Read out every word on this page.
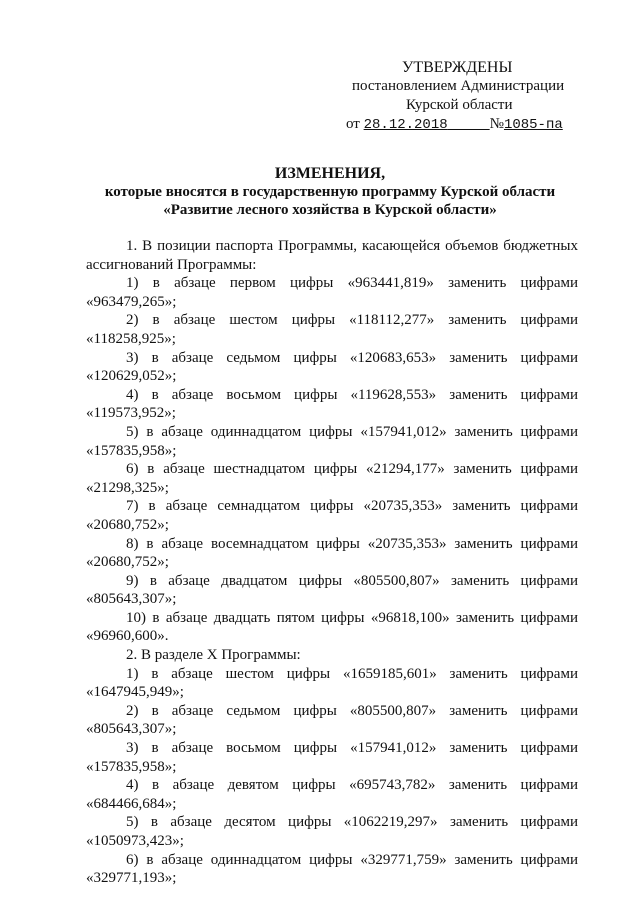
УТВЕРЖДЕНЫ
постановлением Администрации
Курской области
от 28.12.2018	№1085-па
ИЗМЕНЕНИЯ,
которые вносятся в государственную программу Курской области
«Развитие лесного хозяйства в Курской области»
1. В позиции паспорта Программы, касающейся объемов бюджетных ассигнований Программы:
1) в абзаце первом цифры «963441,819» заменить цифрами
«963479,265»;
2) в абзаце шестом цифры «118112,277» заменить цифрами
«118258,925»;
3) в абзаце седьмом цифры «120683,653» заменить цифрами
«120629,052»;
4) в абзаце восьмом цифры «119628,553» заменить цифрами
«119573,952»;
5) в абзаце одиннадцатом цифры «157941,012» заменить цифрами
«157835,958»;
6) в абзаце шестнадцатом цифры «21294,177» заменить цифрами
«21298,325»;
7) в абзаце семнадцатом цифры «20735,353» заменить цифрами
«20680,752»;
8) в абзаце восемнадцатом цифры «20735,353» заменить цифрами
«20680,752»;
9) в абзаце двадцатом цифры «805500,807» заменить цифрами
«805643,307»;
10) в абзаце двадцать пятом цифры «96818,100» заменить цифрами
«96960,600».
2. В разделе X Программы:
1) в абзаце шестом цифры «1659185,601» заменить цифрами
«1647945,949»;
2) в абзаце седьмом цифры «805500,807» заменить цифрами
«805643,307»;
3) в абзаце восьмом цифры «157941,012» заменить цифрами
«157835,958»;
4) в абзаце девятом цифры «695743,782» заменить цифрами
«684466,684»;
5) в абзаце десятом цифры «1062219,297» заменить цифрами
«1050973,423»;
6) в абзаце одиннадцатом цифры «329771,759» заменить цифрами
«329771,193»;
